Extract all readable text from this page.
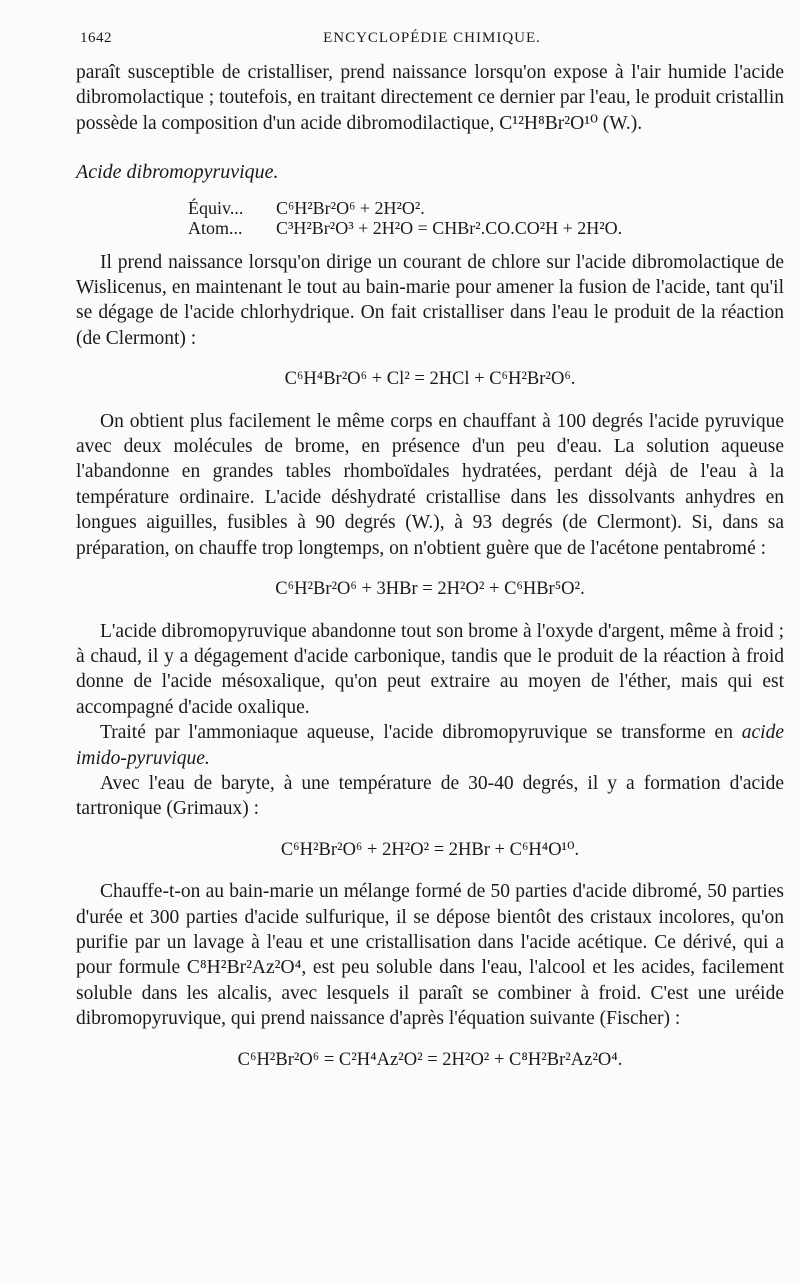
1642	ENCYCLOPÉDIE CHIMIQUE.

paraît susceptible de cristalliser, prend naissance lorsqu'on expose à l'air humide l'acide dibromolactique ; toutefois, en traitant directement ce dernier par l'eau, le produit cristallin possède la composition d'un acide dibromodilactique, C¹²H⁸Br²O¹⁰ (W.).

Acide dibromopyruvique.

Équiv...	C⁶H²Br²O⁶ + 2H²O².
Atom...	C³H²Br²O³ + 2H²O = CHBr².CO.CO²H + 2H²O.

Il prend naissance lorsqu'on dirige un courant de chlore sur l'acide dibromolactique de Wislicenus, en maintenant le tout au bain-marie pour amener la fusion de l'acide, tant qu'il se dégage de l'acide chlorhydrique. On fait cristalliser dans l'eau le produit de la réaction (de Clermont) :

C⁶H⁴Br²O⁶ + Cl² = 2HCl + C⁶H²Br²O⁶.

On obtient plus facilement le même corps en chauffant à 100 degrés l'acide pyruvique avec deux molécules de brome, en présence d'un peu d'eau. La solution aqueuse l'abandonne en grandes tables rhomboïdales hydratées, perdant déjà de l'eau à la température ordinaire. L'acide déshydraté cristallise dans les dissolvants anhydres en longues aiguilles, fusibles à 90 degrés (W.), à 93 degrés (de Clermont). Si, dans sa préparation, on chauffe trop longtemps, on n'obtient guère que de l'acétone pentabromé :

C⁶H²Br²O⁶ + 3HBr = 2H²O² + C⁶HBr⁵O².

L'acide dibromopyruvique abandonne tout son brome à l'oxyde d'argent, même à froid ; à chaud, il y a dégagement d'acide carbonique, tandis que le produit de la réaction à froid donne de l'acide mésoxalique, qu'on peut extraire au moyen de l'éther, mais qui est accompagné d'acide oxalique.

Traité par l'ammoniaque aqueuse, l'acide dibromopyruvique se transforme en acide imido-pyruvique.

Avec l'eau de baryte, à une température de 30-40 degrés, il y a formation d'acide tartronique (Grimaux) :

C⁶H²Br²O⁶ + 2H²O² = 2HBr + C⁶H⁴O¹⁰.

Chauffe-t-on au bain-marie un mélange formé de 50 parties d'acide dibromé, 50 parties d'urée et 300 parties d'acide sulfurique, il se dépose bientôt des cristaux incolores, qu'on purifie par un lavage à l'eau et une cristallisation dans l'acide acétique. Ce dérivé, qui a pour formule C⁸H²Br²Az²O⁴, est peu soluble dans l'eau, l'alcool et les acides, facilement soluble dans les alcalis, avec lesquels il paraît se combiner à froid. C'est une uréide dibromopyruvique, qui prend naissance d'après l'équation suivante (Fischer) :

C⁶H²Br²O⁶ = C²H⁴Az²O² = 2H²O² + C⁸H²Br²Az²O⁴.
